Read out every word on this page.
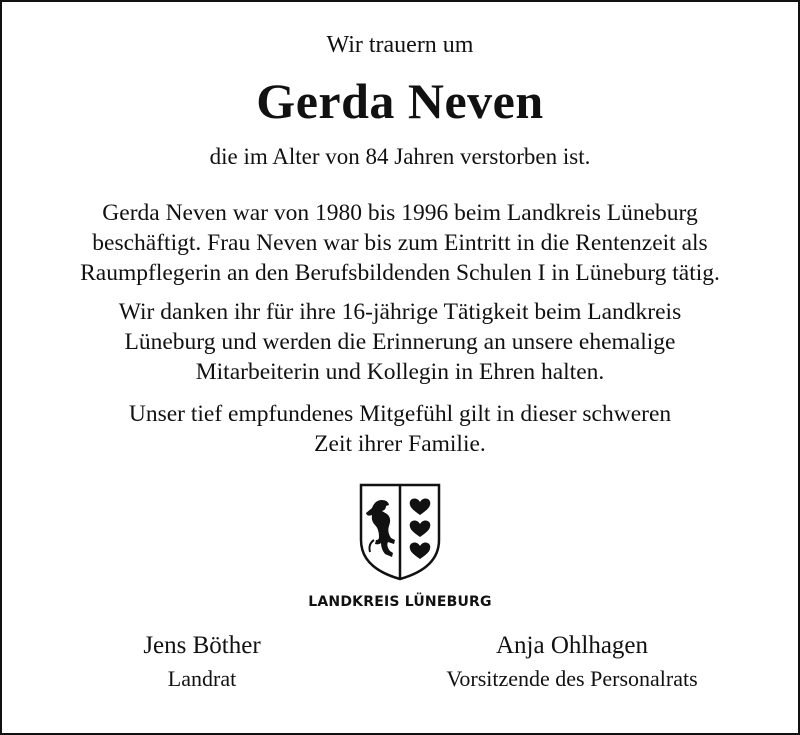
Wir trauern um
Gerda Neven
die im Alter von 84 Jahren verstorben ist.
Gerda Neven war von 1980 bis 1996 beim Landkreis Lüneburg
beschäftigt. Frau Neven war bis zum Eintritt in die Rentenzeit als
Raumpflegerin an den Berufsbildenden Schulen I in Lüneburg tätig.
Wir danken ihr für ihre 16-jährige Tätigkeit beim Landkreis
Lüneburg und werden die Erinnerung an unsere ehemalige
Mitarbeiterin und Kollegin in Ehren halten.
Unser tief empfundenes Mitgefühl gilt in dieser schweren
Zeit ihrer Familie.
LANDKREIS LÜNEBURG
Jens Böther
Landrat
Anja Ohlhagen
Vorsitzende des Personalrats
